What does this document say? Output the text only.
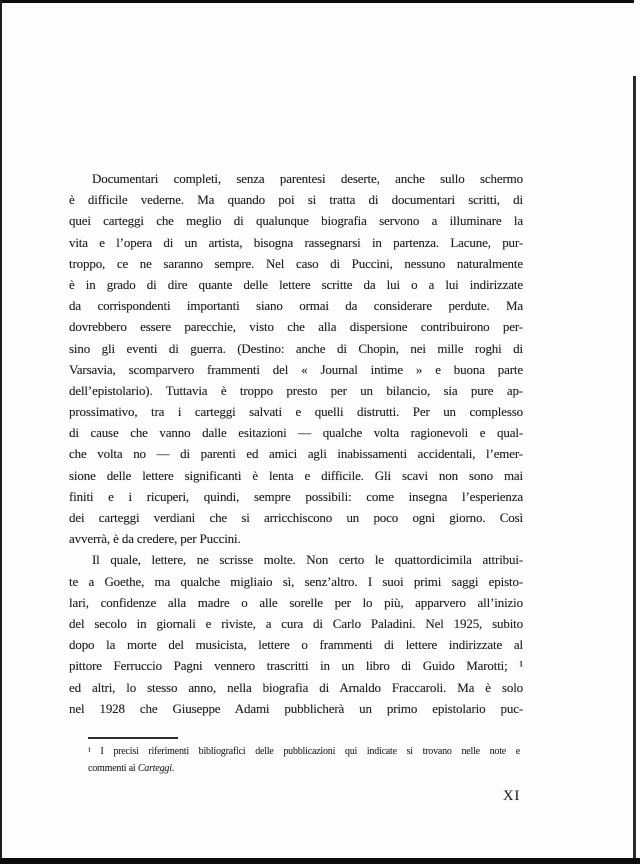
Documentari completi, senza parentesi deserte, anche sullo schermo
è difficile vederne. Ma quando poi si tratta di documentari scritti, di
quei carteggi che meglio di qualunque biografia servono a illuminare la
vita e l’opera di un artista, bisogna rassegnarsi in partenza. Lacune, pur-
troppo, ce ne saranno sempre. Nel caso di Puccini, nessuno naturalmente
è in grado di dire quante delle lettere scritte da lui o a lui indirizzate
da corrispondenti importanti siano ormai da considerare perdute. Ma
dovrebbero essere parecchie, visto che alla dispersione contribuirono per-
sino gli eventi di guerra. (Destino: anche di Chopin, nei mille roghi di
Varsavia, scomparvero frammenti del « Journal intime » e buona parte
dell’epistolario). Tuttavia è troppo presto per un bilancio, sia pure ap-
prossimativo, tra i carteggi salvati e quelli distrutti. Per un complesso
di cause che vanno dalle esitazioni — qualche volta ragionevoli e qual-
che volta no — di parenti ed amici agli inabissamenti accidentali, l’emer-
sione delle lettere significanti è lenta e difficile. Gli scavi non sono mai
finiti e i ricuperi, quindi, sempre possibili: come insegna l’esperienza
dei carteggi verdiani che si arricchiscono un poco ogni giorno. Così
avverrà, è da credere, per Puccini.
Il quale, lettere, ne scrisse molte. Non certo le quattordicimila attribui-
te a Goethe, ma qualche migliaio sì, senz’altro. I suoi primi saggi episto-
lari, confidenze alla madre o alle sorelle per lo più, apparvero all’inizio
del secolo in giornali e riviste, a cura di Carlo Paladini. Nel 1925, subito
dopo la morte del musicista, lettere o frammenti di lettere indirizzate al
pittore Ferruccio Pagni vennero trascritti in un libro di Guido Marotti; ¹
ed altri, lo stesso anno, nella biografia di Arnaldo Fraccaroli. Ma è solo
nel 1928 che Giuseppe Adami pubblicherà un primo epistolario puc-
¹ I precisi riferimenti bibliografici delle pubblicazioni qui indicate si trovano nelle note e
commenti ai Carteggi.
XI
